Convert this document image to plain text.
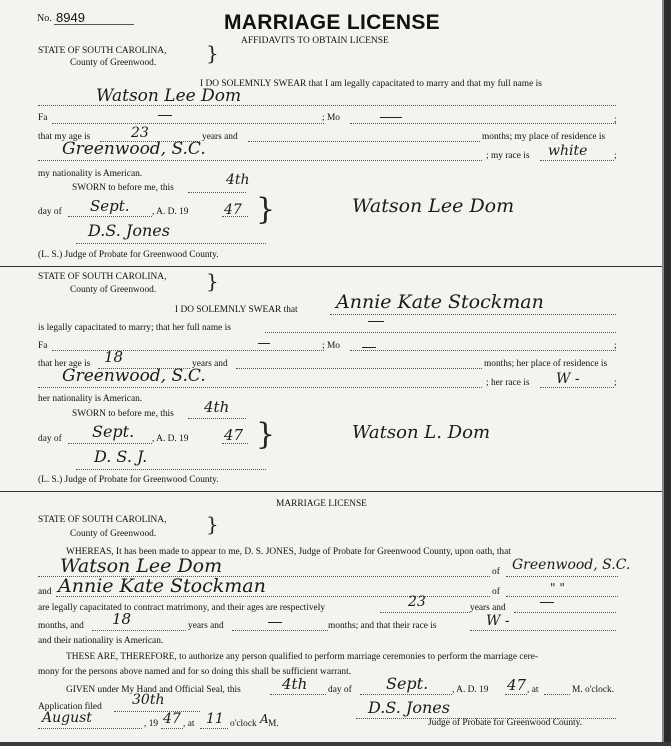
No. 8949	MARRIAGE LICENSE
AFFIDAVITS TO OBTAIN LICENSE
STATE OF SOUTH CAROLINA, }
County of Greenwood.
I DO SOLEMNLY SWEAR that I am legally capacitated to marry and that my full name is
Watson Lee Dom
Fa	; Mo	;
that my age is	23	years and	months; my place of residence is
Greenwood, S.C.	; my race is white	;
my nationality is American.
SWORN to before me, this	4th
}
day of Sept. , A. D. 19	47	Watson Lee Dom
D.S. Jones
(L. S.) Judge of Probate for Greenwood County.
STATE OF SOUTH CAROLINA, }
County of Greenwood.
I DO SOLEMNLY SWEAR that Annie Kate Stockman
is legally capacitated to marry; that her full name is
Fa	; Mo	;
that her age is 18	years and	months; her place of residence is
Greenwood, S.C.	; her race is W -	;
her nationality is American.
SWORN to before me, this 4th
}
day of Sept. , A. D. 19 47	Watson L. Dom
D. S. J.
(L. S.) Judge of Probate for Greenwood County.
MARRIAGE LICENSE
STATE OF SOUTH CAROLINA, }
County of Greenwood.
WHEREAS, It has been made to appear to me, D. S. JONES, Judge of Probate for Greenwood County, upon oath, that
Watson Lee Dom	of Greenwood, S.C.
and Annie Kate Stockman	of	" "
are legally capacitated to contract matrimony, and their ages are respectively	23	years and
months, and 18	years and	months; and that their race is	W -
and their nationality is American.
THESE ARE, THEREFORE, to authorize any person qualified to perform marriage ceremonies to perform the marriage cere-
mony for the persons above named and for so doing this shall be sufficient warrant.
GIVEN under My Hand and Official Seal, this	4th day of Sept.	, A. D. 19 47 , at	M. o'clock.
Application filed 30th
August	, 19 47 , at 11 o'clock A M.
D.S. Jones
Judge of Probate for Greenwood County.
